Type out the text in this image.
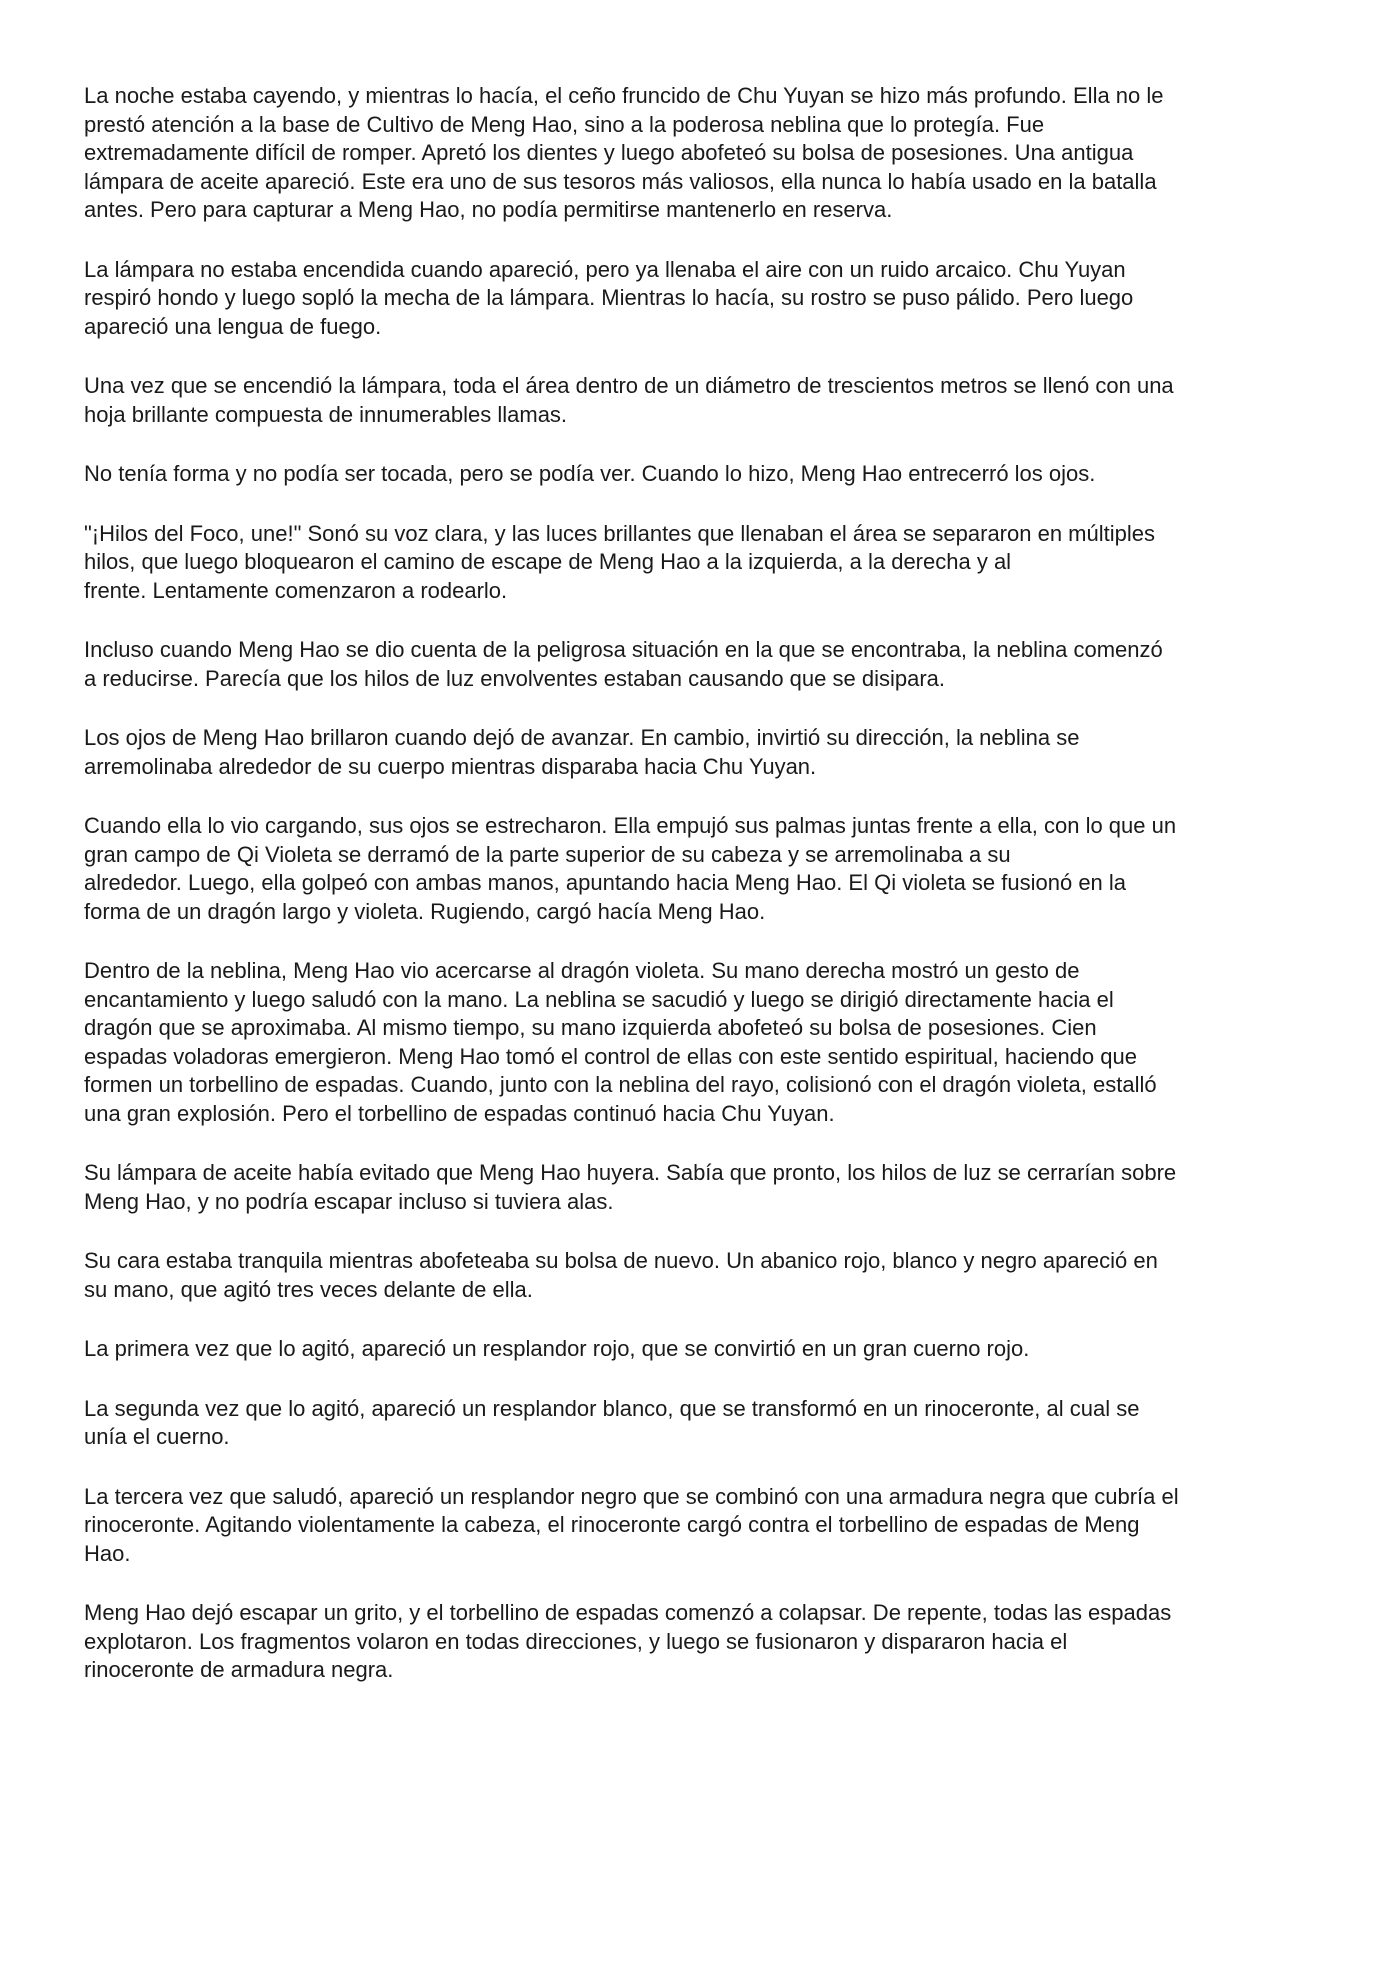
La noche estaba cayendo, y mientras lo hacía, el ceño fruncido de Chu Yuyan se hizo más profundo. Ella no le
prestó atención a la base de Cultivo de Meng Hao, sino a la poderosa neblina que lo protegía. Fue
extremadamente difícil de romper. Apretó los dientes y luego abofeteó su bolsa de posesiones. Una antigua
lámpara de aceite apareció. Este era uno de sus tesoros más valiosos, ella nunca lo había usado en la batalla
antes. Pero para capturar a Meng Hao, no podía permitirse mantenerlo en reserva.

La lámpara no estaba encendida cuando apareció, pero ya llenaba el aire con un ruido arcaico. Chu Yuyan
respiró hondo y luego sopló la mecha de la lámpara. Mientras lo hacía, su rostro se puso pálido. Pero luego
apareció una lengua de fuego.

Una vez que se encendió la lámpara, toda el área dentro de un diámetro de trescientos metros se llenó con una
hoja brillante compuesta de innumerables llamas.

No tenía forma y no podía ser tocada, pero se podía ver. Cuando lo hizo, Meng Hao entrecerró los ojos.

"¡Hilos del Foco, une!" Sonó su voz clara, y las luces brillantes que llenaban el área se separaron en múltiples
hilos, que luego bloquearon el camino de escape de Meng Hao a la izquierda, a la derecha y al
frente. Lentamente comenzaron a rodearlo.

Incluso cuando Meng Hao se dio cuenta de la peligrosa situación en la que se encontraba, la neblina comenzó
a reducirse. Parecía que los hilos de luz envolventes estaban causando que se disipara.

Los ojos de Meng Hao brillaron cuando dejó de avanzar. En cambio, invirtió su dirección, la neblina se
arremolinaba alrededor de su cuerpo mientras disparaba hacia Chu Yuyan.

Cuando ella lo vio cargando, sus ojos se estrecharon. Ella empujó sus palmas juntas frente a ella, con lo que un
gran campo de Qi Violeta se derramó de la parte superior de su cabeza y se arremolinaba a su
alrededor. Luego, ella golpeó con ambas manos, apuntando hacia Meng Hao. El Qi violeta se fusionó en la
forma de un dragón largo y violeta. Rugiendo, cargó hacía Meng Hao.

Dentro de la neblina, Meng Hao vio acercarse al dragón violeta. Su mano derecha mostró un gesto de
encantamiento y luego saludó con la mano. La neblina se sacudió y luego se dirigió directamente hacia el
dragón que se aproximaba. Al mismo tiempo, su mano izquierda abofeteó su bolsa de posesiones. Cien
espadas voladoras emergieron. Meng Hao tomó el control de ellas con este sentido espiritual, haciendo que
formen un torbellino de espadas. Cuando, junto con la neblina del rayo, colisionó con el dragón violeta, estalló
una gran explosión. Pero el torbellino de espadas continuó hacia Chu Yuyan.

Su lámpara de aceite había evitado que Meng Hao huyera. Sabía que pronto, los hilos de luz se cerrarían sobre
Meng Hao, y no podría escapar incluso si tuviera alas.

Su cara estaba tranquila mientras abofeteaba su bolsa de nuevo. Un abanico rojo, blanco y negro apareció en
su mano, que agitó tres veces delante de ella.

La primera vez que lo agitó, apareció un resplandor rojo, que se convirtió en un gran cuerno rojo.

La segunda vez que lo agitó, apareció un resplandor blanco, que se transformó en un rinoceronte, al cual se
unía el cuerno.

La tercera vez que saludó, apareció un resplandor negro que se combinó con una armadura negra que cubría el
rinoceronte. Agitando violentamente la cabeza, el rinoceronte cargó contra el torbellino de espadas de Meng
Hao.

Meng Hao dejó escapar un grito, y el torbellino de espadas comenzó a colapsar. De repente, todas las espadas
explotaron. Los fragmentos volaron en todas direcciones, y luego se fusionaron y dispararon hacia el
rinoceronte de armadura negra.
